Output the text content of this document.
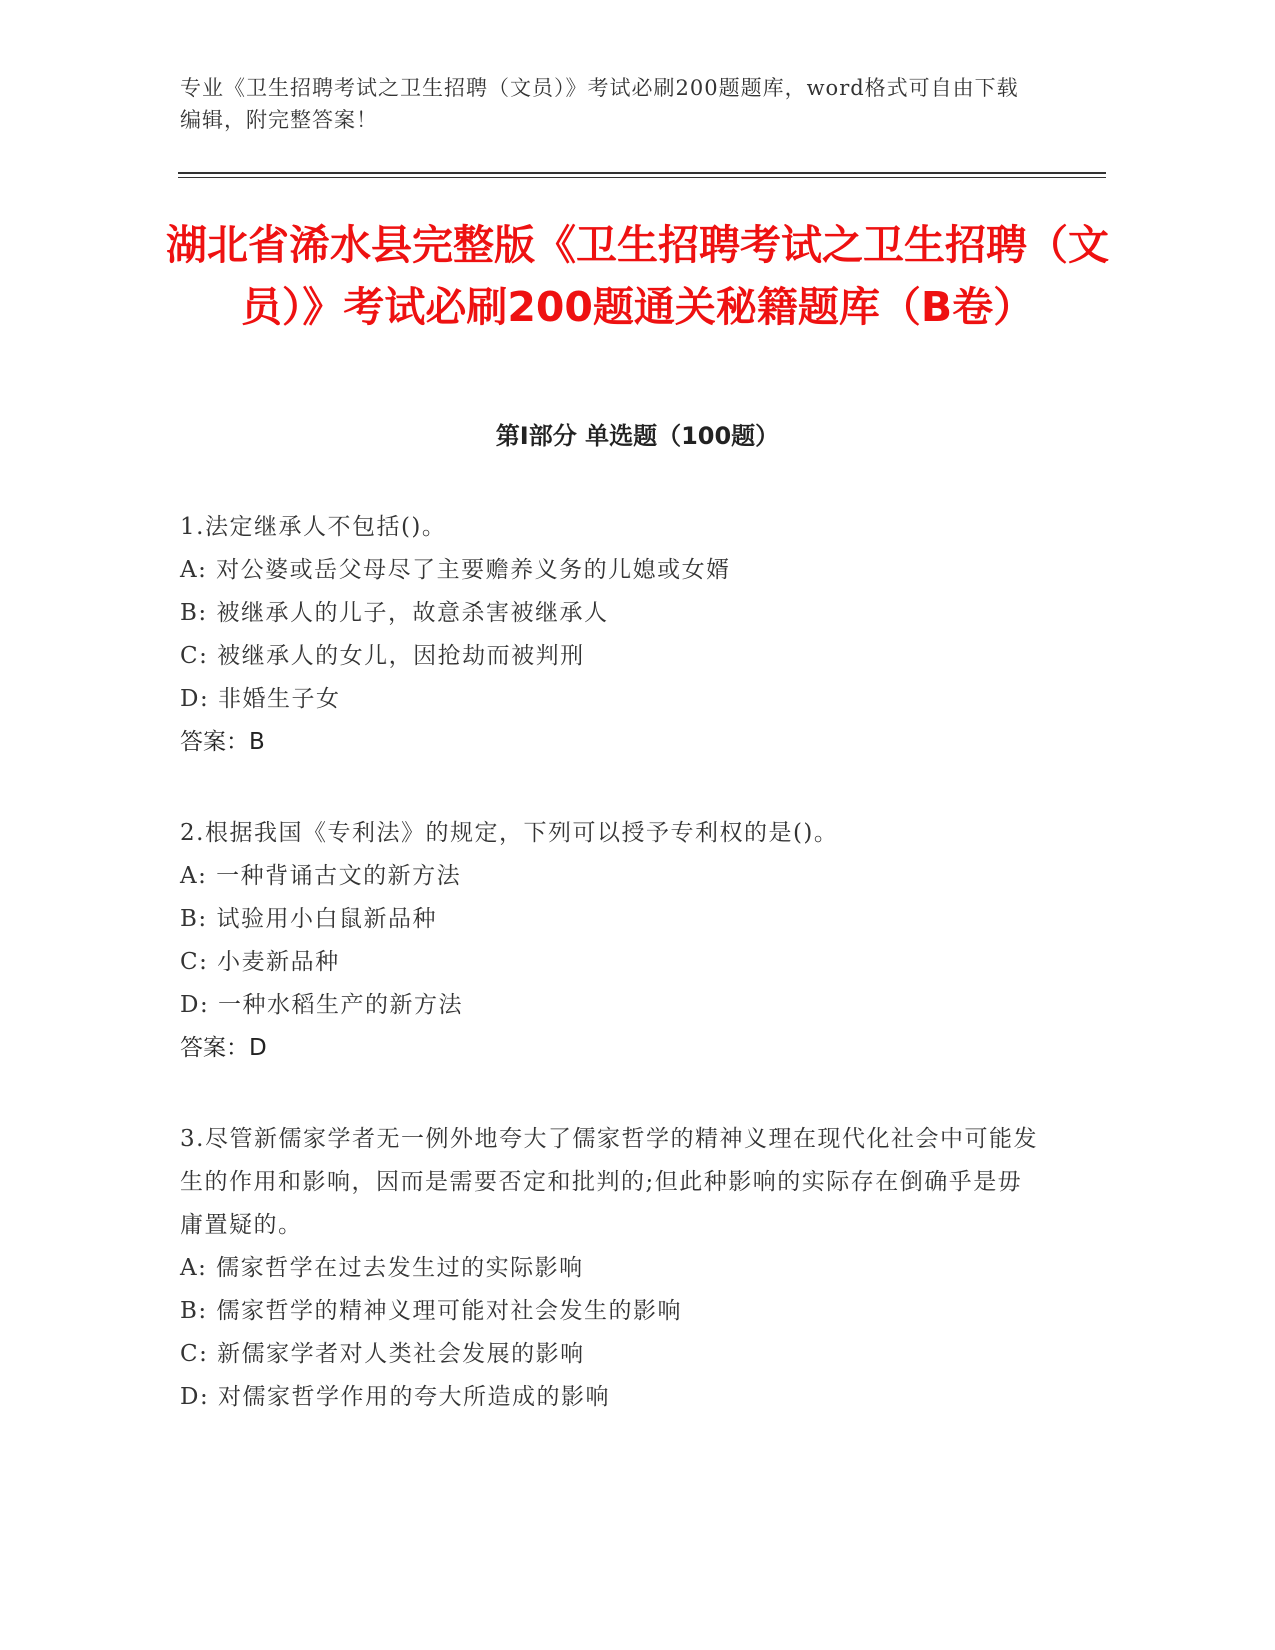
专业《卫生招聘考试之卫生招聘（文员）》考试必刷200题题库，word格式可自由下载编辑，附完整答案！
湖北省浠水县完整版《卫生招聘考试之卫生招聘（文员）》考试必刷200题通关秘籍题库（B卷）
第I部分 单选题（100题）
1.法定继承人不包括()。
A: 对公婆或岳父母尽了主要赡养义务的儿媳或女婿
B: 被继承人的儿子，故意杀害被继承人
C: 被继承人的女儿，因抢劫而被判刑
D: 非婚生子女
答案：B
2.根据我国《专利法》的规定，下列可以授予专利权的是()。
A: 一种背诵古文的新方法
B: 试验用小白鼠新品种
C: 小麦新品种
D: 一种水稻生产的新方法
答案：D
3.尽管新儒家学者无一例外地夸大了儒家哲学的精神义理在现代化社会中可能发生的作用和影响，因而是需要否定和批判的;但此种影响的实际存在倒确乎是毋庸置疑的。
A: 儒家哲学在过去发生过的实际影响
B: 儒家哲学的精神义理可能对社会发生的影响
C: 新儒家学者对人类社会发展的影响
D: 对儒家哲学作用的夸大所造成的影响
